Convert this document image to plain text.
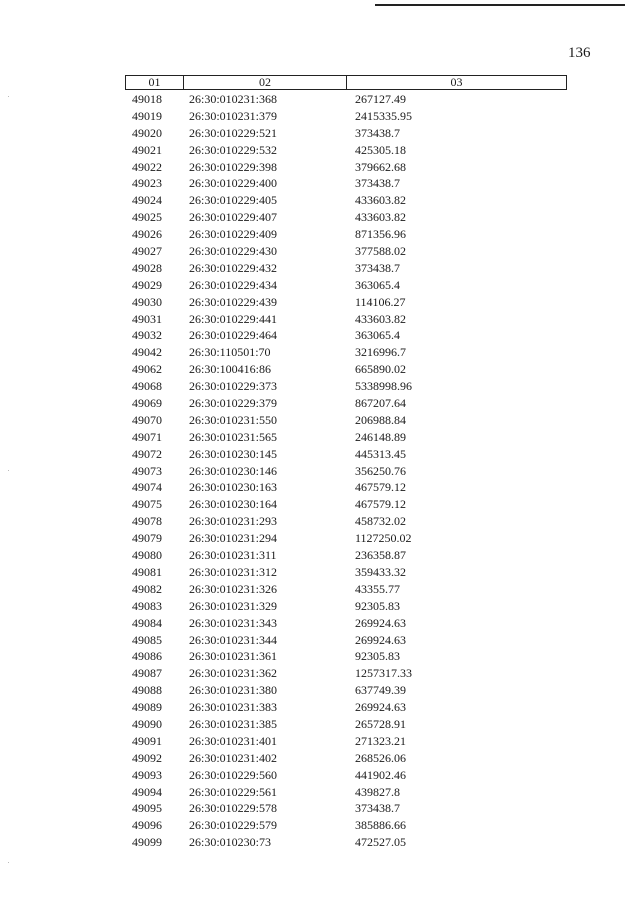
136
01	02	03
49018 26:30:010231:368	267127.49
49019 26:30:010231:379	2415335.95
49020 26:30:010229:521	373438.7
49021 26:30:010229:532	425305.18
49022 26:30:010229:398	379662.68
49023 26:30:010229:400	373438.7
49024 26:30:010229:405	433603.82
49025 26:30:010229:407	433603.82
49026 26:30:010229:409	871356.96
49027 26:30:010229:430	377588.02
49028 26:30:010229:432	373438.7
49029 26:30:010229:434	363065.4
49030 26:30:010229:439	114106.27
49031 26:30:010229:441	433603.82
49032 26:30:010229:464	363065.4
49042 26:30:110501:70	3216996.7
49062 26:30:100416:86	665890.02
49068 26:30:010229:373	5338998.96
49069 26:30:010229:379	867207.64
49070 26:30:010231:550	206988.84
49071 26:30:010231:565	246148.89
49072 26:30:010230:145	445313.45
49073 26:30:010230:146	356250.76
49074 26:30:010230:163	467579.12
49075 26:30:010230:164	467579.12
49078 26:30:010231:293	458732.02
49079 26:30:010231:294	1127250.02
49080 26:30:010231:311	236358.87
49081 26:30:010231:312	359433.32
49082 26:30:010231:326	43355.77
49083 26:30:010231:329	92305.83
49084 26:30:010231:343	269924.63
49085 26:30:010231:344	269924.63
49086 26:30:010231:361	92305.83
49087 26:30:010231:362	1257317.33
49088 26:30:010231:380	637749.39
49089 26:30:010231:383	269924.63
49090 26:30:010231:385	265728.91
49091 26:30:010231:401	271323.21
49092 26:30:010231:402	268526.06
49093 26:30:010229:560	441902.46
49094 26:30:010229:561	439827.8
49095 26:30:010229:578	373438.7
49096 26:30:010229:579	385886.66
49099 26:30:010230:73	472527.05
